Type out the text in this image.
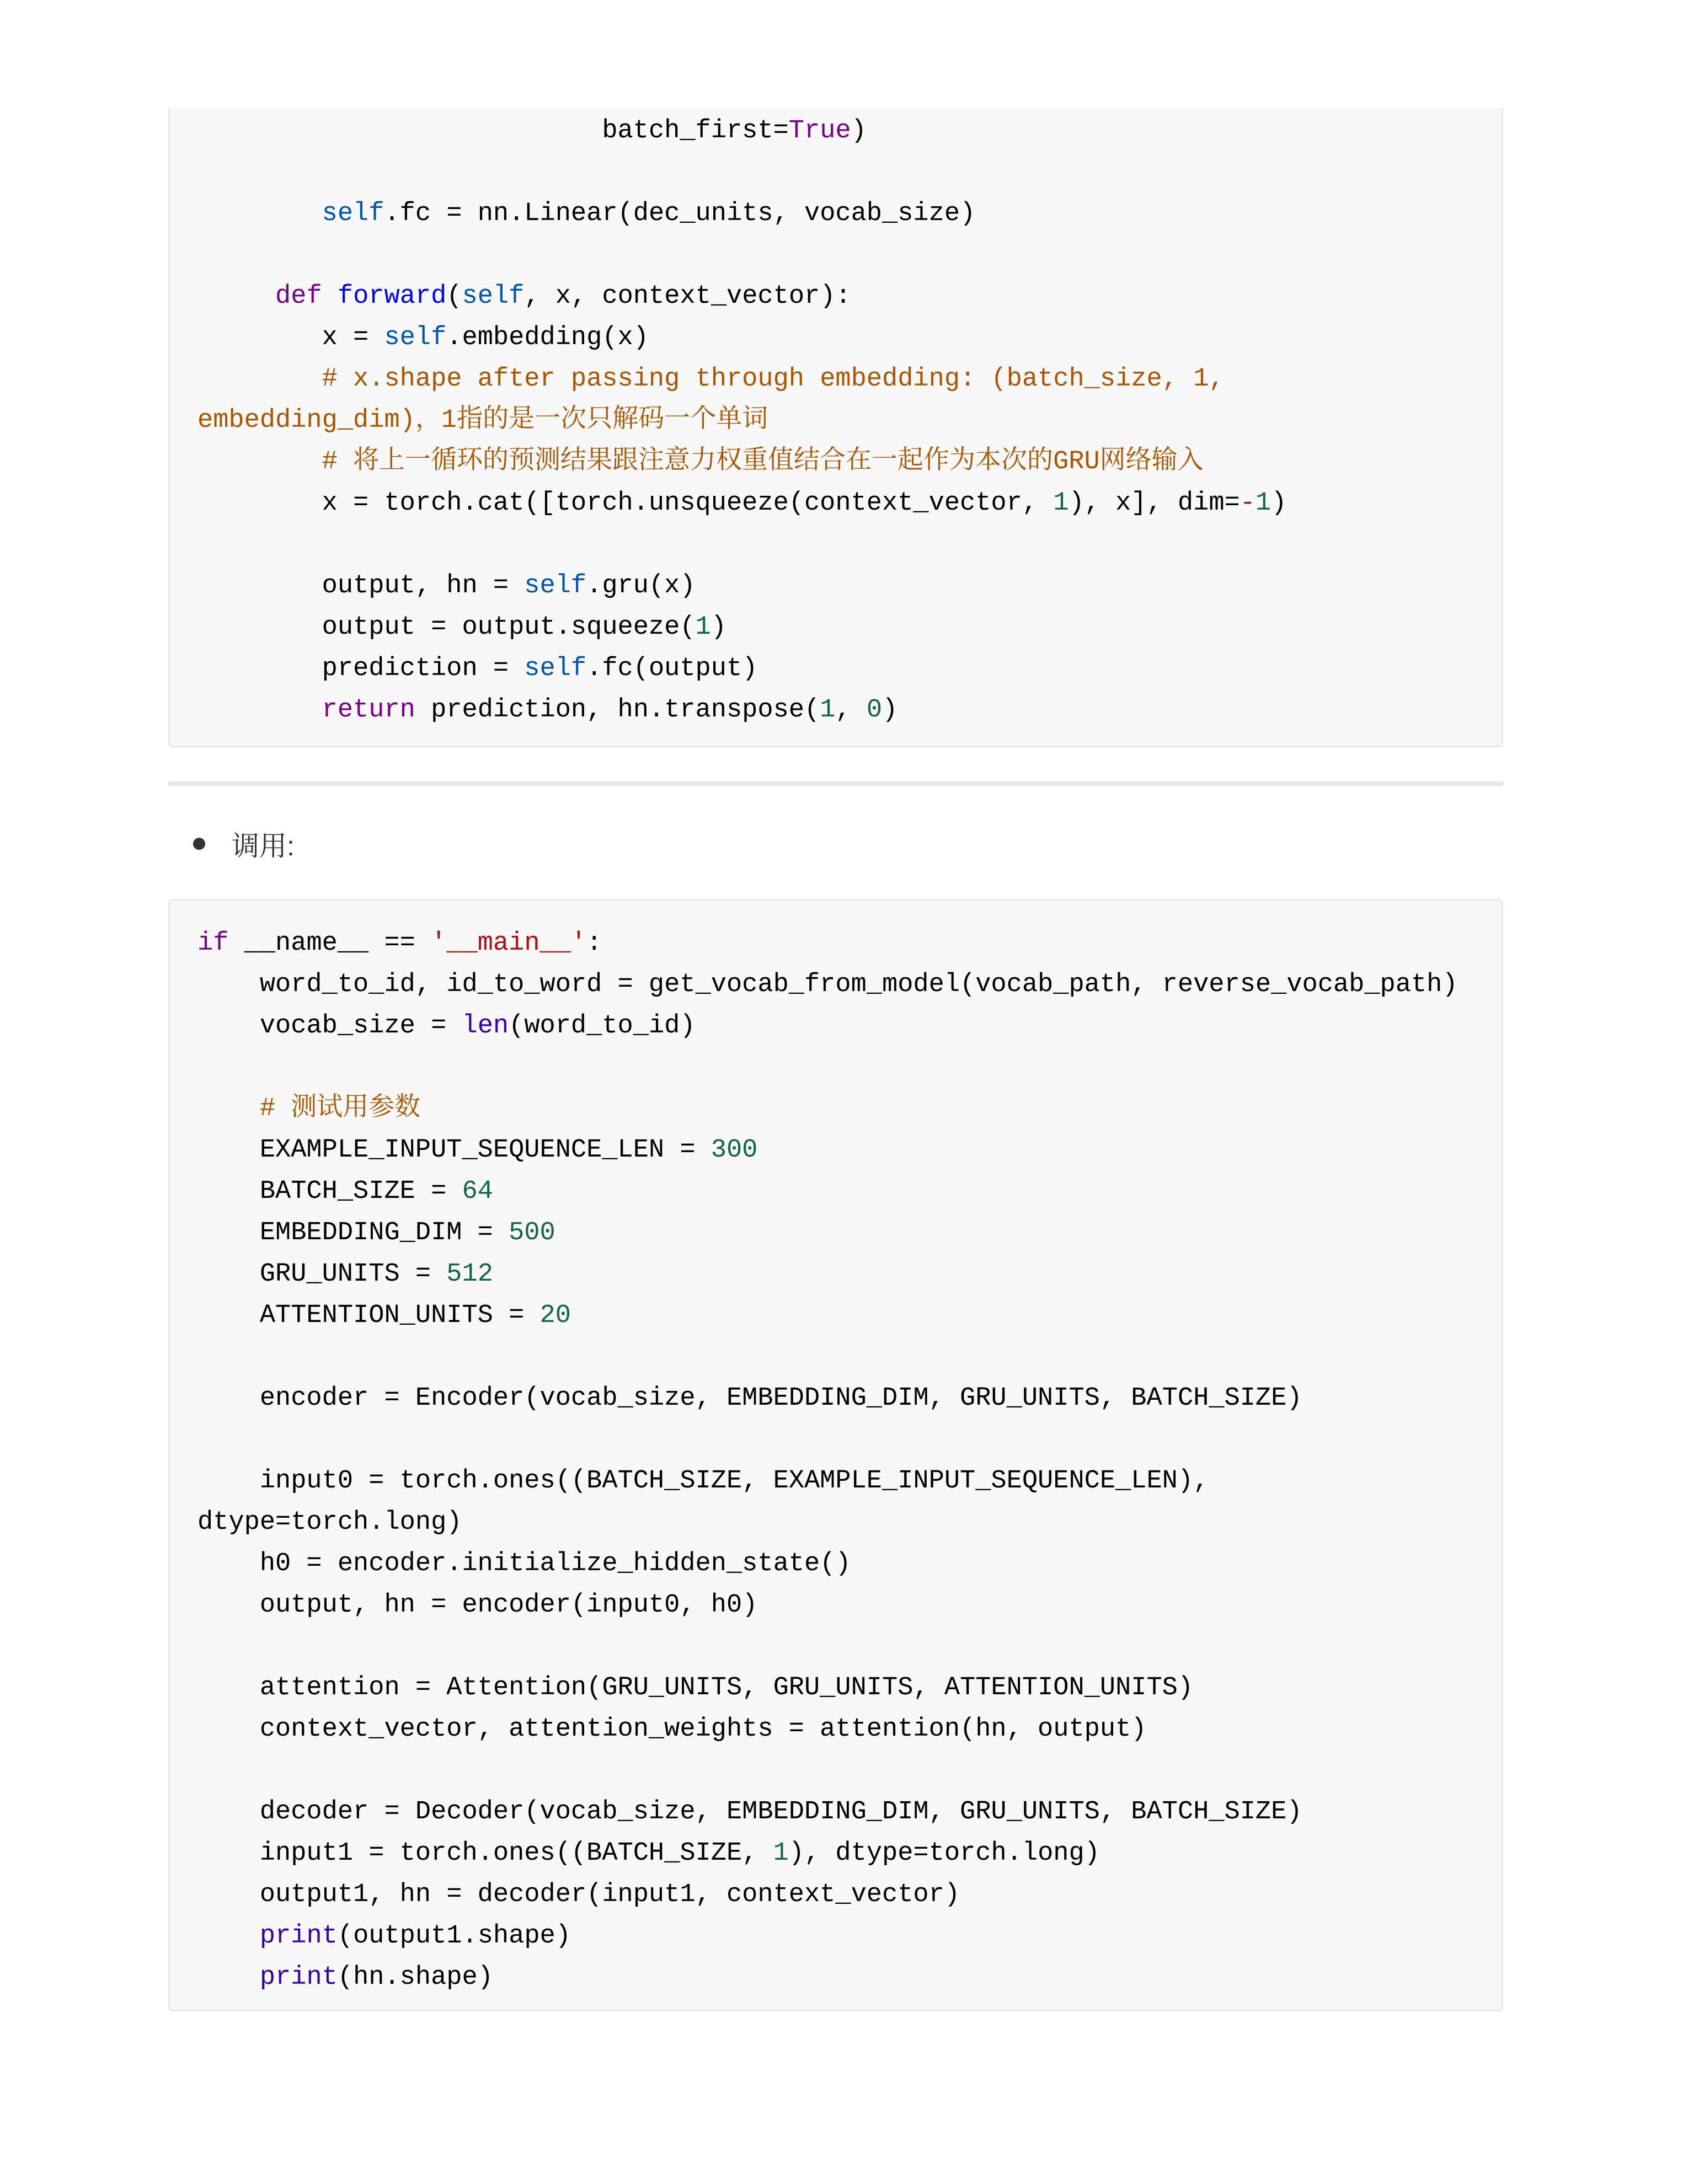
batch_first=True)
self.fc = nn.Linear(dec_units, vocab_size)
def forward(self, x, context_vector):
x = self.embedding(x)
# x.shape after passing through embedding: (batch_size, 1,
embedding_dim)，1指的是一次只解码一个单词
# 将上一循环的预测结果跟注意力权重值结合在一起作为本次的GRU网络输入
x = torch.cat([torch.unsqueeze(context_vector, 1), x], dim=-1)
output, hn = self.gru(x)
output = output.squeeze(1)
prediction = self.fc(output)
return prediction, hn.transpose(1, 0)
调用:
if __name__ == '__main__':
word_to_id, id_to_word = get_vocab_from_model(vocab_path, reverse_vocab_path)
vocab_size = len(word_to_id)
# 测试用参数
EXAMPLE_INPUT_SEQUENCE_LEN = 300
BATCH_SIZE = 64
EMBEDDING_DIM = 500
GRU_UNITS = 512
ATTENTION_UNITS = 20
encoder = Encoder(vocab_size, EMBEDDING_DIM, GRU_UNITS, BATCH_SIZE)
input0 = torch.ones((BATCH_SIZE, EXAMPLE_INPUT_SEQUENCE_LEN),
dtype=torch.long)
h0 = encoder.initialize_hidden_state()
output, hn = encoder(input0, h0)
attention = Attention(GRU_UNITS, GRU_UNITS, ATTENTION_UNITS)
context_vector, attention_weights = attention(hn, output)
decoder = Decoder(vocab_size, EMBEDDING_DIM, GRU_UNITS, BATCH_SIZE)
input1 = torch.ones((BATCH_SIZE, 1), dtype=torch.long)
output1, hn = decoder(input1, context_vector)
print(output1.shape)
print(hn.shape)
